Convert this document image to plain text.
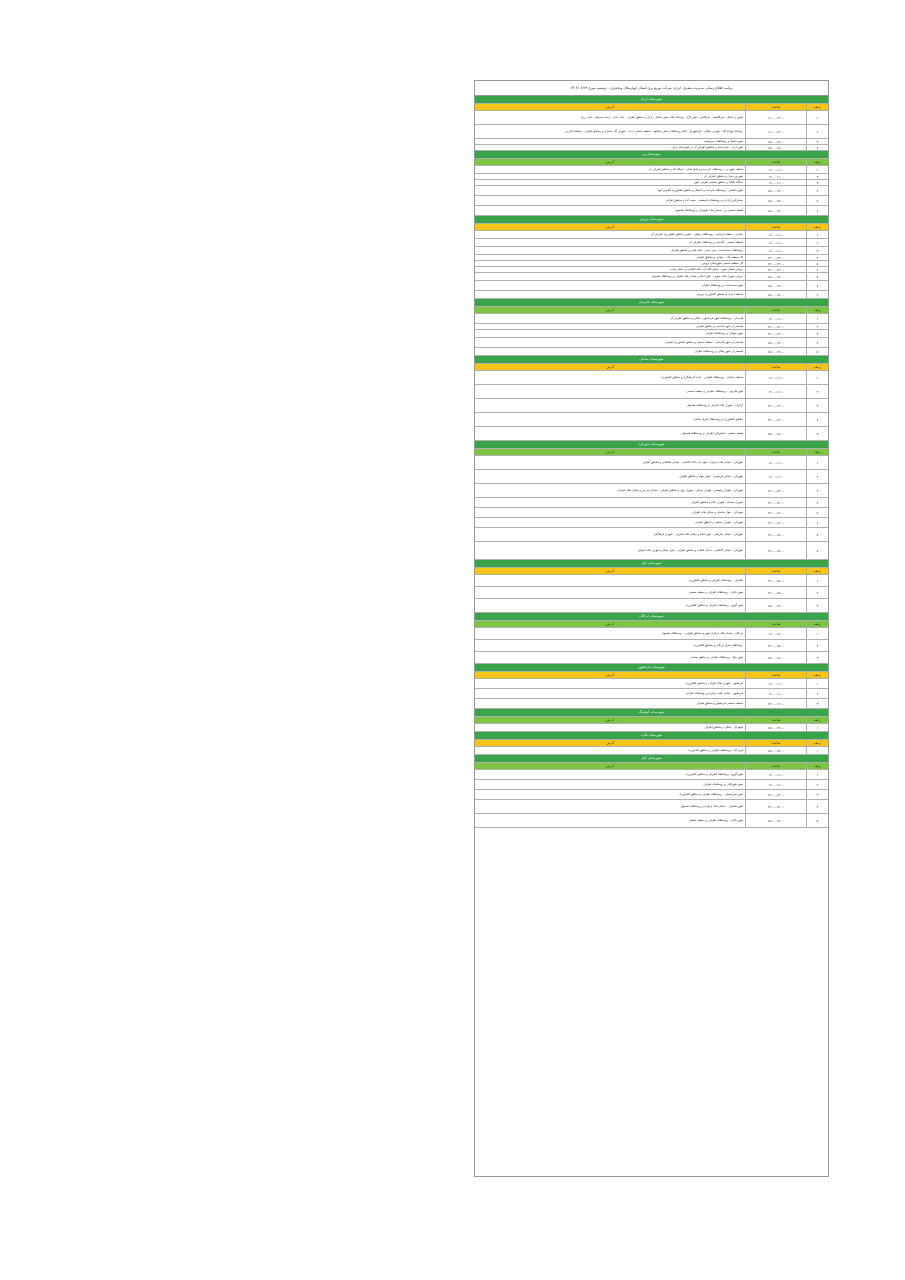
برنامه اطلاع رسانی مدیریت مصرف انرژی شرکت توزیع برق استان چهارمحال وبختیاری - دوشنبه مورخ ۱۴۰۳/۰۳/۱۴
شهرستان اردل
ردیف
ساعت
آدرس
۱
۱۱:۰۰-۱۴:۰۰
بلیس و دشتک ، سرآقاسید ، سرکلاس ، شهر کاج ، روستای های بخش دشتک - اردل و مناطق اطراف ، جاده نادی ، ارمند سرچلو ، جاده بزرگ
۲
۱۱:۰۰-۱۴:۰۰
روستای بهرام آباد ، شهرک بجگان ، باغ شهریار ، کلیه روستاهای بخش میانکوه ، منطقه صنعتی اردل ، شهرک گل بختیاری و مناطق اطراف ، منطقه کیارس
۳
۱۵:۰۰-۱۷:۰۰
شهر دشتک و روستاهای سرچشمه
۴
۱۵:۰۰-۱۷:۰۰
شهر اردل ، بیمارستان و مناطق اطراف آن در شهرستان اردل
شهرستان بن
ردیف
ساعت
آدرس
۱
۰۹:۰۰-۱۱:۰۰
منطقه شهر بن ، روستاهای کره بس و شیخ شبان ، اسلام آباد و مناطق اطراف آن
۲
۰۹:۰۰-۱۱:۰۰
شهر وردنجان و مناطق اطراف آن
۳
۰۹:۰۰-۱۱:۰۰
جایگاه CNG و مناطق صنعتی اطراف شهر
۴
۱۵:۰۰-۱۷:۰۰
شهر چالشتر ، روستاهای فرادبنه و باغملک و مناطق کشاورزی اطراف آنها
۵
۱۵:۰۰-۱۷:۰۰
مشترکین آزادراه و روستاهای یانچشمه ، حبیب آباد و مناطق اطراف
۶
۱۵:۰۰-۱۷:۰۰
قطعه صنعتی بن ، مسیر جاده شهرکرد و روستاهای همجوار
شهرستان بروجن
ردیف
ساعت
آدرس
۱
۰۹:۰۰-۱۱:۰۰
بلداجی ، منطقه فرادنبه ، روستاهای چلوان ، دهنو و مناطق کشاورزی اطراف آن
۲
۰۹:۰۰-۱۱:۰۰
منطقه صنعتی ، گندمان و روستاهای اطراف آن
۳
۰۹:۰۰-۱۱:۰۰
روستاهای سفیددشت ، ولی عصر ، امام قیس و مناطق اطراف
۴
۱۲:۰۰-۱۴:۰۰
کل منطقه آباد ، حلوایی و مناطق اطراف
۵
۱۲:۰۰-۱۴:۰۰
کل منطقه صنعتی شهرستان بروجن
۶
۱۲:۰۰-۱۴:۰۰
بروجن شمال شهر ، خیابان های آیت الله کاشانی و خیابان ولایت
۷
۱۵:۰۰-۱۷:۰۰
بروجن شهرک های جنوبی ، بلوار امام و خیابان های اطراف و روستاهای همجوار
۸
۱۵:۰۰-۱۷:۰۰
شهر سفیددشت و روستاهای اطراف
۹
۱۵:۰۰-۱۷:۰۰
منطقه آبیاری و مناطق کشاورزی بروجن
شهرستان فارسان
ردیف
ساعت
آدرس
۱
۰۹:۰۰-۱۱:۰۰
فارسان ، روستاهای شهر فرخشهر ، چلگرد و مناطق اطراف آن
۲
۱۲:۰۰-۱۴:۰۰
قسمتی از شهر باباحیدر و مناطق اطراف
۳
۱۲:۰۰-۱۴:۰۰
شهر جونقان و روستاهای اطراف
۴
۱۵:۰۰-۱۷:۰۰
قسمتی از شهر فارسان ، منطقه صنعتی و مناطق کشاورزی اطراف
۵
۱۵:۰۰-۱۷:۰۰
قسمتی از شهر چلگرد و روستاهای اطراف
شهرستان سامان
ردیف
ساعت
آدرس
۱
۰۹:۰۰-۱۱:۰۰
منطقه سامان ، روستاهای اطراف ، جاده گردشگری و مناطق کشاورزی
۲
۰۹:۰۰-۱۱:۰۰
شهر هارونی ، روستاهای اطراف و منطقه صنعتی
۳
۱۲:۰۰-۱۴:۰۰
آزادراه ، شهرک های اطراف و روستاهای همجوار
۴
۱۲:۰۰-۱۴:۰۰
مناطق کشاورزی و روستاهای شرق سامان
۵
۱۵:۰۰-۱۷:۰۰
قطعه صنعتی ، مشترکین اطراف و روستاهای همجوار
شهرستان شهرکرد
ردیف
ساعت
آدرس
۱
۰۹:۰۰-۱۱:۰۰
شهرکرد ، خیابان های مرکزی ، بلوار آیت الله کاشانی ، خیابان طالقانی و مناطق اطراف
۲
۰۹:۰۰-۱۱:۰۰
شهرکرد ، خیابان فردوسی ، بلوار جهاد و مناطق اطراف
۳
۱۲:۰۰-۱۴:۰۰
شهرکرد ، شهرک ولیعصر ، شهرک بوعلی ، شهرک بهار و مناطق اطراف ، خیابان مدرس و خیابان های اطراف
۴
۱۲:۰۰-۱۴:۰۰
شهرک سعدی ، شهرک امام و مناطق اطراف
۵
۱۴:۰۰-۱۶:۰۰
شهرکرد ، بلوار ساحلی و خیابان های اطراف
۶
۱۴:۰۰-۱۶:۰۰
شهرکرد ، شهرک صنعتی و مناطق اطراف
۷
۱۶:۰۰-۱۸:۰۰
شهرکرد ، خیابان شریعتی ، بلوار امام و خیابان های اطراف ، شهرک فرهنگیان
۸
۱۶:۰۰-۱۸:۰۰
شهرکرد ، خیابان کاشانی ، میدان انقلاب و مناطق اطراف ، بلوار معلم و شهرک های اطراف
شهرستان کیار
ردیف
ساعت
آدرس
۱
۱۲:۰۰-۱۵:۰۰
شلمزار ، روستاهای اطراف و مناطق کشاورزی
۲
۱۲:۰۰-۱۵:۰۰
شهر ناغان ، روستاهای اطراف و منطقه صنعتی
۳
۱۵:۰۰-۱۷:۰۰
شهر گهرو ، روستاهای اطراف و مناطق کشاورزی
شهرستان لردگان
ردیف
ساعت
آدرس
۱
۰۹:۰۰-۱۲:۰۰
لردگان ، خیابان های مرکزی شهر و مناطق اطراف ، روستاهای همجوار
۲
۱۲:۰۰-۱۵:۰۰
روستاهای شرق لردگان و مناطق کشاورزی
۳
۱۵:۰۰-۱۷:۰۰
شهر منج ، روستاهای اطراف و مناطق صنعتی
شهرستان فرخشهر
ردیف
ساعت
آدرس
۱
۰۹:۰۰-۱۱:۰۰
فرخشهر ، شهرک های اطراف و مناطق کشاورزی
۲
۰۹:۰۰-۱۱:۰۰
فرخشهر ، خیابان های مرکزی و روستاهای اطراف
۳
۱۴:۰۰-۱۶:۰۰
منطقه صنعتی فرخشهر و مناطق اطراف
شهرستان کوهرنگ
ردیف
ساعت
آدرس
۱
۱۵:۰۰-۱۷:۰۰
کوهرنگ ، چلگرد و مناطق اطراف
شهرستان فلارد
ردیف
ساعت
آدرس
۱
۱۵:۰۰-۱۷:۰۰
فرخ آباد ، روستاهای اطراف و مناطق کشاورزی
شهرستان کیار
ردیف
ساعت
آدرس
۱
۰۹:۰۰-۱۱:۰۰
شهر گهرو ، روستاهای اطراف و مناطق کشاورزی
۲
۰۹:۰۰-۱۱:۰۰
شهر شهرکیان و روستاهای اطراف
۳
۱۲:۰۰-۱۴:۰۰
شهر سورشجان ، روستاهای اطراف و مناطق کشاورزی
۴
۱۲:۰۰-۱۴:۰۰
شهر شلمزار ، خیابان های مرکزی و روستاهای همجوار
۵
۱۵:۰۰-۱۷:۰۰
شهر ناغان ، روستاهای اطراف و منطقه صنعتی
